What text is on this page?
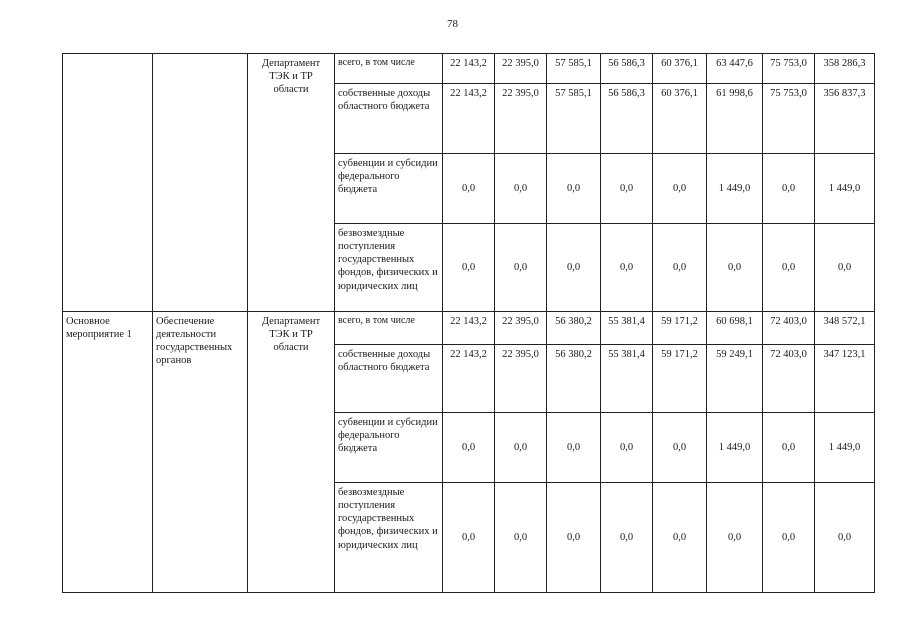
78
		Департамент ТЭК и ТР области	всего, в том числе	22 143,2	22 395,0	57 585,1	56 586,3	60 376,1	63 447,6	75 753,0	358 286,3
			собственные доходы областного бюджета	22 143,2	22 395,0	57 585,1	56 586,3	60 376,1	61 998,6	75 753,0	356 837,3
			субвенции и субсидии федерального бюджета	0,0	0,0	0,0	0,0	0,0	1 449,0	0,0	1 449,0
			безвозмездные поступления государственных фондов, физических и юридических лиц	0,0	0,0	0,0	0,0	0,0	0,0	0,0	0,0
Основное мероприятие 1	Обеспечение деятельности государственных органов	Департамент ТЭК и ТР области	всего, в том числе	22 143,2	22 395,0	56 380,2	55 381,4	59 171,2	60 698,1	72 403,0	348 572,1
			собственные доходы областного бюджета	22 143,2	22 395,0	56 380,2	55 381,4	59 171,2	59 249,1	72 403,0	347 123,1
			субвенции и субсидии федерального бюджета	0,0	0,0	0,0	0,0	0,0	1 449,0	0,0	1 449,0
			безвозмездные поступления государственных фондов, физических и юридических лиц	0,0	0,0	0,0	0,0	0,0	0,0	0,0	0,0
